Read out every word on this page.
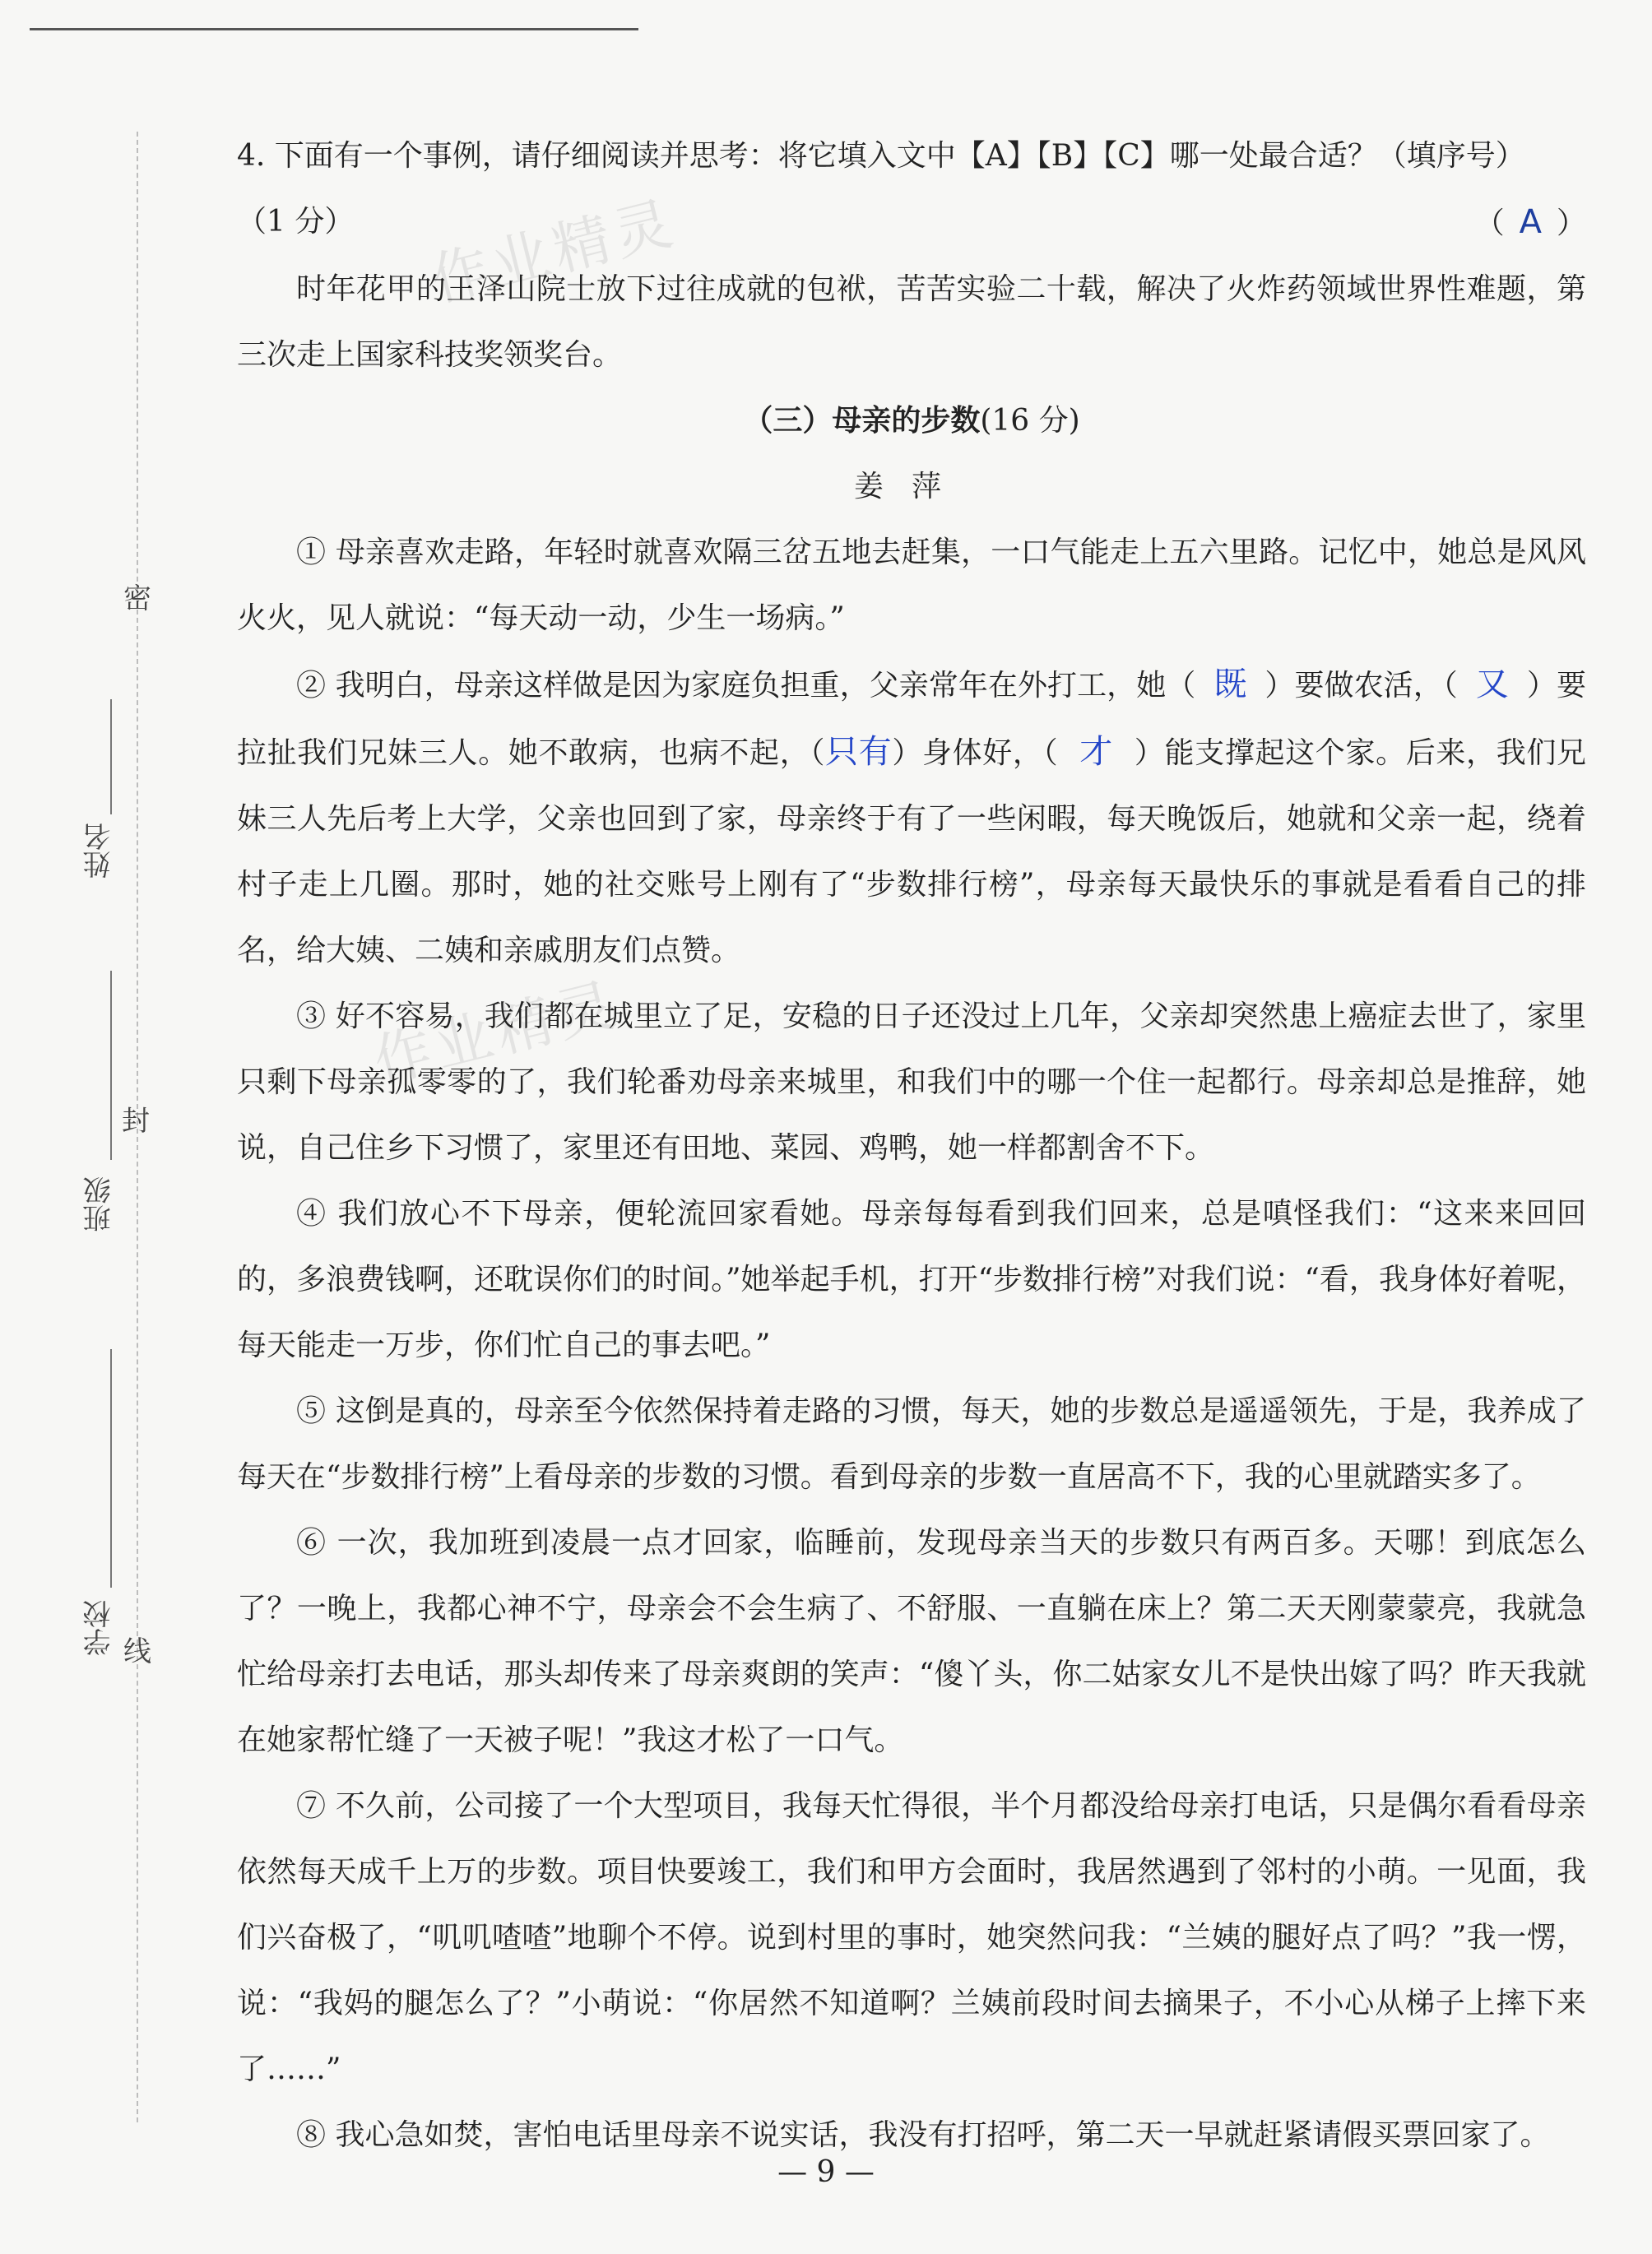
密
封
线
姓名
班级
学校
作业精灵
作业精灵
4. 下面有一个事例，请仔细阅读并思考：将它填入文中【A】【B】【C】哪一处最合适？（填序号）
（1 分）	（ A ）

时年花甲的王泽山院士放下过往成就的包袱，苦苦实验二十载，解决了火炸药领域世界性难题，第三次走上国家科技奖领奖台。

（三）母亲的步数(16 分)
姜萍

① 母亲喜欢走路，年轻时就喜欢隔三岔五地去赶集，一口气能走上五六里路。记忆中，她总是风风火火，见人就说：“每天动一动，少生一场病。”

② 我明白，母亲这样做是因为家庭负担重，父亲常年在外打工，她（ 既 ）要做农活，（ 又 ）要拉扯我们兄妹三人。她不敢病，也病不起，（只有）身体好，（ 才 ）能支撑起这个家。后来，我们兄妹三人先后考上大学，父亲也回到了家，母亲终于有了一些闲暇，每天晚饭后，她就和父亲一起，绕着村子走上几圈。那时，她的社交账号上刚有了“步数排行榜”，母亲每天最快乐的事就是看看自己的排名，给大姨、二姨和亲戚朋友们点赞。

③ 好不容易，我们都在城里立了足，安稳的日子还没过上几年，父亲却突然患上癌症去世了，家里只剩下母亲孤零零的了，我们轮番劝母亲来城里，和我们中的哪一个住一起都行。母亲却总是推辞，她说，自己住乡下习惯了，家里还有田地、菜园、鸡鸭，她一样都割舍不下。

④ 我们放心不下母亲，便轮流回家看她。母亲每每看到我们回来，总是嗔怪我们：“这来来回回的，多浪费钱啊，还耽误你们的时间。”她举起手机，打开“步数排行榜”对我们说：“看，我身体好着呢，每天能走一万步，你们忙自己的事去吧。”

⑤ 这倒是真的，母亲至今依然保持着走路的习惯，每天，她的步数总是遥遥领先，于是，我养成了每天在“步数排行榜”上看母亲的步数的习惯。看到母亲的步数一直居高不下，我的心里就踏实多了。

⑥ 一次，我加班到凌晨一点才回家，临睡前，发现母亲当天的步数只有两百多。天哪！到底怎么了？一晚上，我都心神不宁，母亲会不会生病了、不舒服、一直躺在床上？第二天天刚蒙蒙亮，我就急忙给母亲打去电话，那头却传来了母亲爽朗的笑声：“傻丫头，你二姑家女儿不是快出嫁了吗？昨天我就在她家帮忙缝了一天被子呢！”我这才松了一口气。

⑦ 不久前，公司接了一个大型项目，我每天忙得很，半个月都没给母亲打电话，只是偶尔看看母亲依然每天成千上万的步数。项目快要竣工，我们和甲方会面时，我居然遇到了邻村的小萌。一见面，我们兴奋极了，“叽叽喳喳”地聊个不停。说到村里的事时，她突然问我：“兰姨的腿好点了吗？”我一愣，说：“我妈的腿怎么了？”小萌说：“你居然不知道啊？兰姨前段时间去摘果子，不小心从梯子上摔下来了……”

⑧ 我心急如焚，害怕电话里母亲不说实话，我没有打招呼，第二天一早就赶紧请假买票回家了。

— 9 —
